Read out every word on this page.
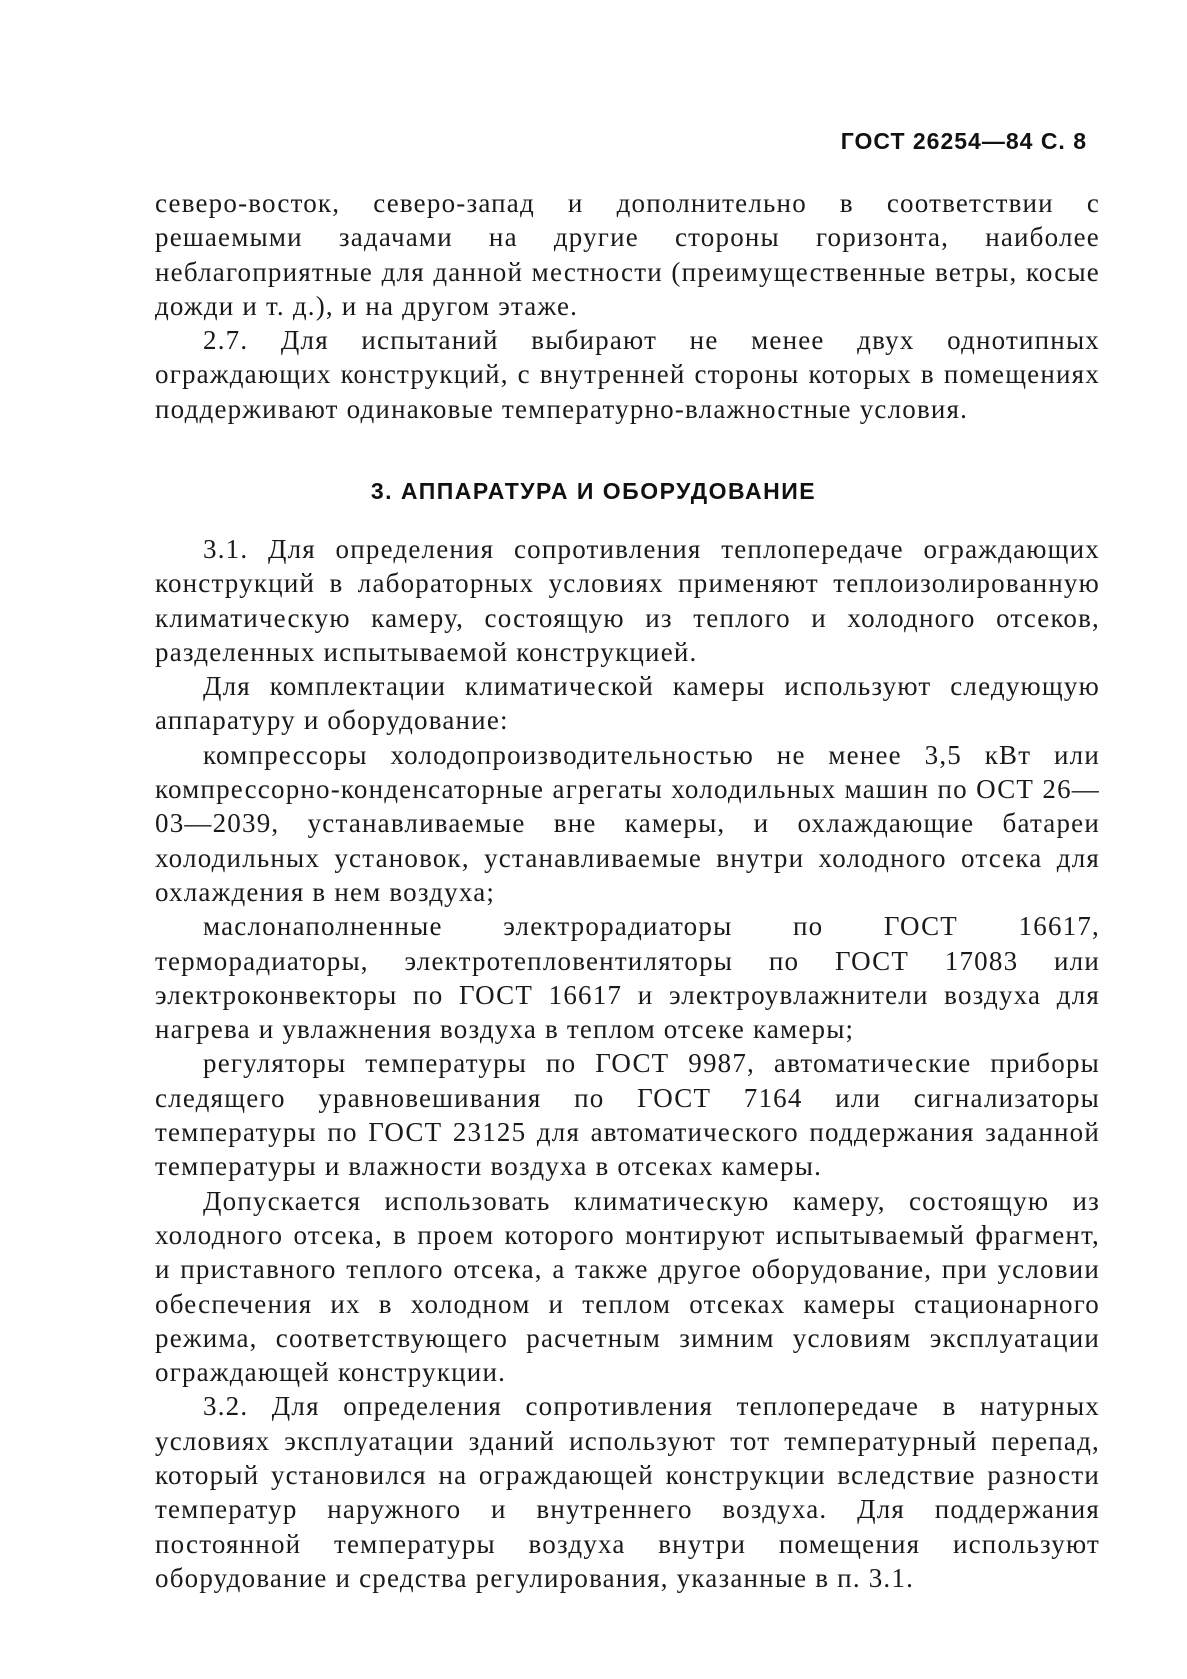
ГОСТ 26254—84 С. 8

северо-восток, северо-запад и дополнительно в соответствии с решаемыми задачами на другие стороны горизонта, наиболее неблагоприятные для данной местности (преимущественные ветры, косые дожди и т. д.), и на другом этаже.

2.7. Для испытаний выбирают не менее двух однотипных ограждающих конструкций, с внутренней стороны которых в помещениях поддерживают одинаковые температурно-влажностные условия.

3. АППАРАТУРА И ОБОРУДОВАНИЕ

3.1. Для определения сопротивления теплопередаче ограждающих конструкций в лабораторных условиях применяют теплоизолированную климатическую камеру, состоящую из теплого и холодного отсеков, разделенных испытываемой конструкцией.

Для комплектации климатической камеры используют следующую аппаратуру и оборудование:

компрессоры холодопроизводительностью не менее 3,5 кВт или компрессорно-конденсаторные агрегаты холодильных машин по ОСТ 26—03—2039, устанавливаемые вне камеры, и охлаждающие батареи холодильных установок, устанавливаемые внутри холодного отсека для охлаждения в нем воздуха;

маслонаполненные электрорадиаторы по ГОСТ 16617, терморадиаторы, электротепловентиляторы по ГОСТ 17083 или электроконвекторы по ГОСТ 16617 и электроувлажнители воздуха для нагрева и увлажнения воздуха в теплом отсеке камеры;

регуляторы температуры по ГОСТ 9987, автоматические приборы следящего уравновешивания по ГОСТ 7164 или сигнализаторы температуры по ГОСТ 23125 для автоматического поддержания заданной температуры и влажности воздуха в отсеках камеры.

Допускается использовать климатическую камеру, состоящую из холодного отсека, в проем которого монтируют испытываемый фрагмент, и приставного теплого отсека, а также другое оборудование, при условии обеспечения их в холодном и теплом отсеках камеры стационарного режима, соответствующего расчетным зимним условиям эксплуатации ограждающей конструкции.

3.2. Для определения сопротивления теплопередаче в натурных условиях эксплуатации зданий используют тот температурный перепад, который установился на ограждающей конструкции вследствие разности температур наружного и внутреннего воздуха. Для поддержания постоянной температуры воздуха внутри помещения используют оборудование и средства регулирования, указанные в п. 3.1.
